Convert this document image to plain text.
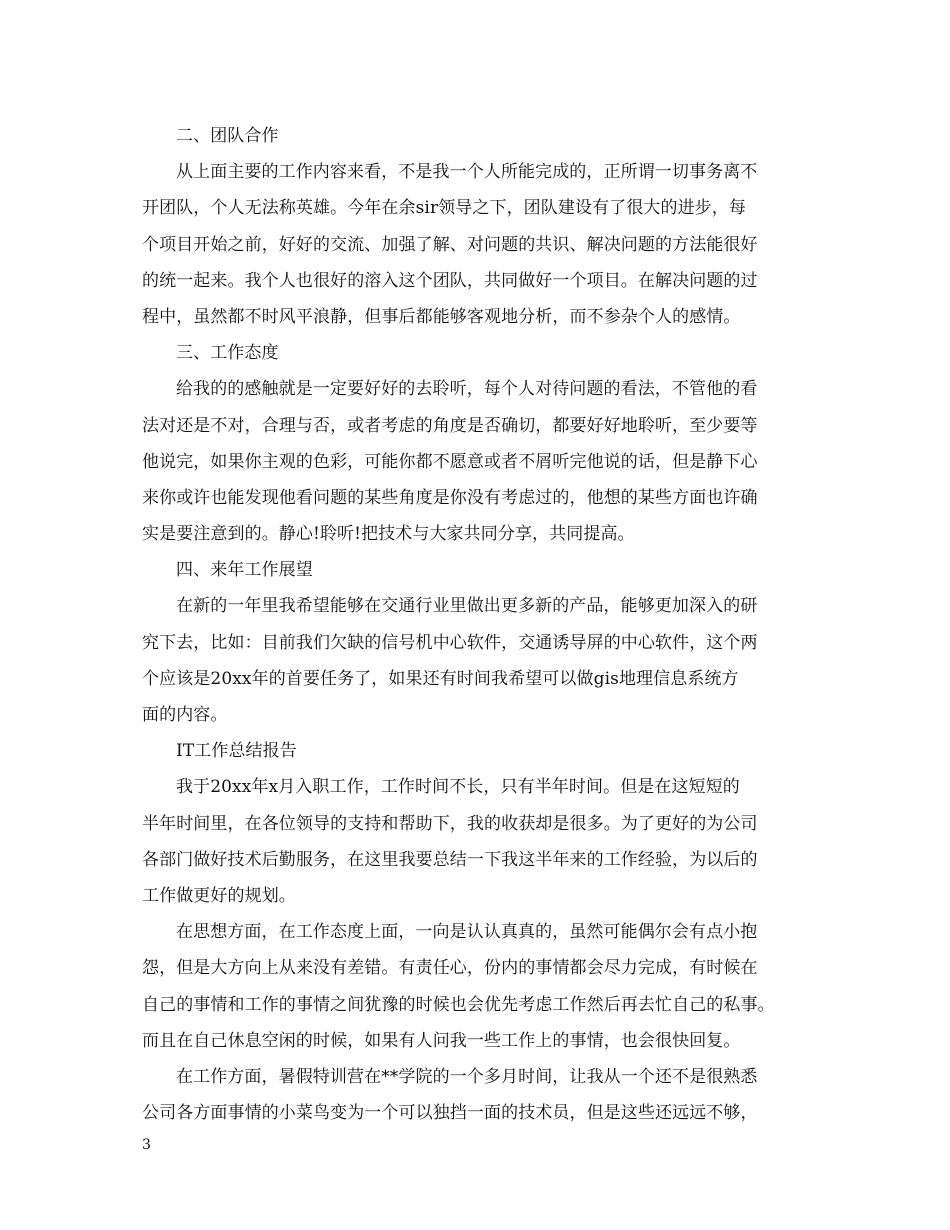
二、团队合作
从上面主要的工作内容来看，不是我一个人所能完成的，正所谓一切事务离不
开团队，个人无法称英雄。今年在余sir领导之下，团队建设有了很大的进步，每
个项目开始之前，好好的交流、加强了解、对问题的共识、解决问题的方法能很好
的统一起来。我个人也很好的溶入这个团队，共同做好一个项目。在解决问题的过
程中，虽然都不时风平浪静，但事后都能够客观地分析，而不参杂个人的感情。
三、工作态度
给我的的感触就是一定要好好的去聆听，每个人对待问题的看法，不管他的看
法对还是不对，合理与否，或者考虑的角度是否确切，都要好好地聆听，至少要等
他说完，如果你主观的色彩，可能你都不愿意或者不屑听完他说的话，但是静下心
来你或许也能发现他看问题的某些角度是你没有考虑过的，他想的某些方面也许确
实是要注意到的。静心!聆听!把技术与大家共同分享，共同提高。
四、来年工作展望
在新的一年里我希望能够在交通行业里做出更多新的产品，能够更加深入的研
究下去，比如：目前我们欠缺的信号机中心软件，交通诱导屏的中心软件，这个两
个应该是20xx年的首要任务了，如果还有时间我希望可以做gis地理信息系统方
面的内容。
IT工作总结报告
我于20xx年x月入职工作，工作时间不长，只有半年时间。但是在这短短的
半年时间里，在各位领导的支持和帮助下，我的收获却是很多。为了更好的为公司
各部门做好技术后勤服务，在这里我要总结一下我这半年来的工作经验，为以后的
工作做更好的规划。
在思想方面，在工作态度上面，一向是认认真真的，虽然可能偶尔会有点小抱
怨，但是大方向上从来没有差错。有责任心，份内的事情都会尽力完成，有时候在
自己的事情和工作的事情之间犹豫的时候也会优先考虑工作然后再去忙自己的私事。
而且在自己休息空闲的时候，如果有人问我一些工作上的事情，也会很快回复。
在工作方面，暑假特训营在**学院的一个多月时间，让我从一个还不是很熟悉
公司各方面事情的小菜鸟变为一个可以独挡一面的技术员，但是这些还远远不够，
3
